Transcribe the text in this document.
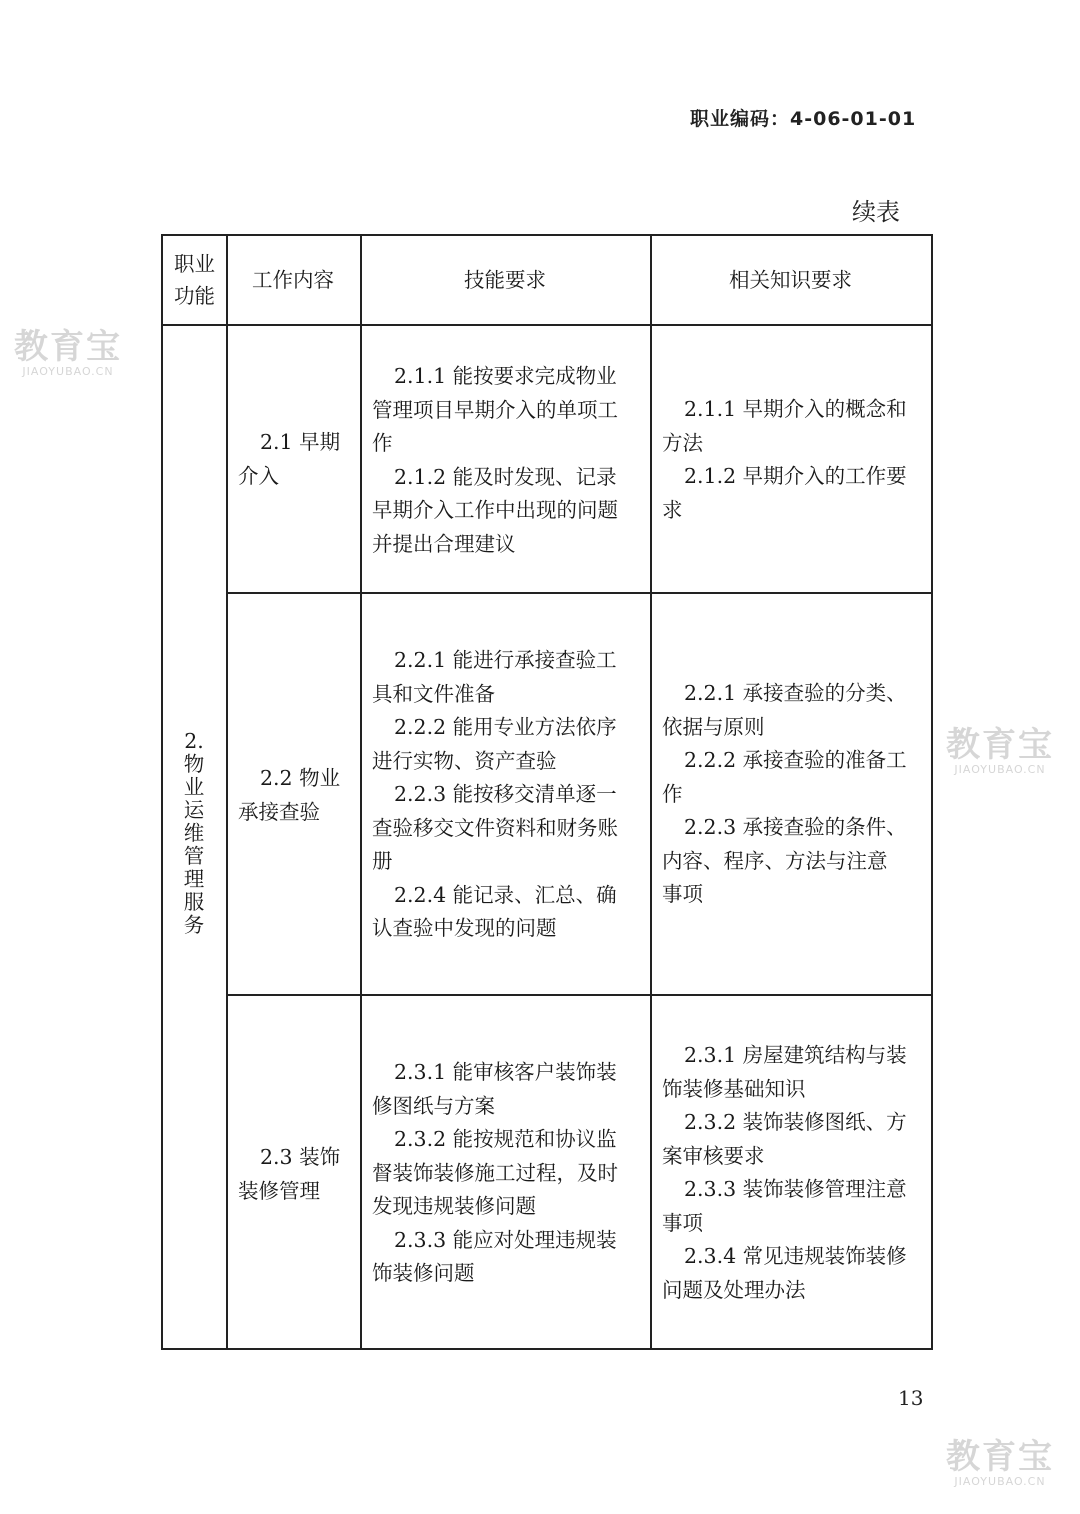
职业编码：4-06-01-01
续表
职业
功能
工作内容	技能要求	相关知识要求
2.
物
业
运
维
管
理
服
务
2.1 早期
介入
2.1.1 能按要求完成物业
管理项目早期介入的单项工
作
2.1.2 能及时发现、记录
早期介入工作中出现的问题
并提出合理建议
2.1.1 早期介入的概念和
方法
2.1.2 早期介入的工作要
求
2.2 物业
承接查验
2.2.1 能进行承接查验工
具和文件准备
2.2.2 能用专业方法依序
进行实物、资产查验
2.2.3 能按移交清单逐一
查验移交文件资料和财务账
册
2.2.4 能记录、汇总、确
认查验中发现的问题
2.2.1 承接查验的分类、
依据与原则
2.2.2 承接查验的准备工
作
2.2.3 承接查验的条件、
内容、程序、方法与注意
事项
2.3 装饰
装修管理
2.3.1 能审核客户装饰装
修图纸与方案
2.3.2 能按规范和协议监
督装饰装修施工过程，及时
发现违规装修问题
2.3.3 能应对处理违规装
饰装修问题
2.3.1 房屋建筑结构与装
饰装修基础知识
2.3.2 装饰装修图纸、方
案审核要求
2.3.3 装饰装修管理注意
事项
2.3.4 常见违规装饰装修
问题及处理办法
13
教育宝
JIAOYUBAO.CN
教育宝
JIAOYUBAO.CN
教育宝
JIAOYUBAO.CN
